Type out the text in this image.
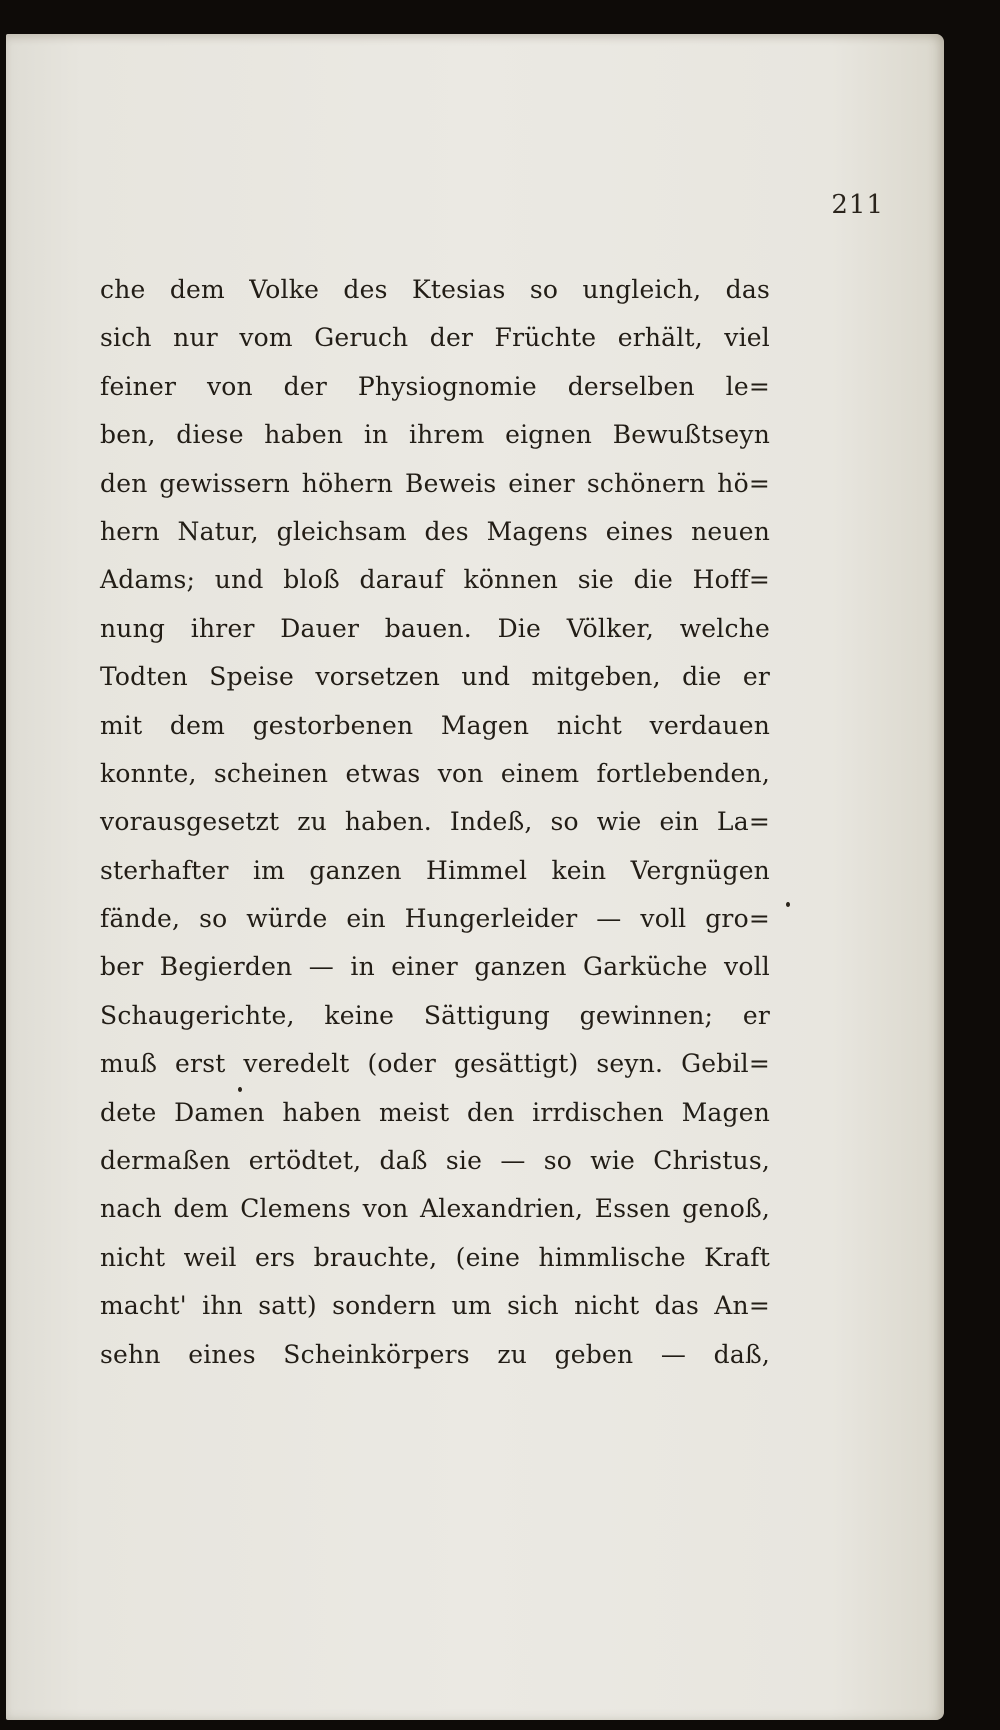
211
che dem Volke des Ktesias so ungleich, das
sich nur vom Geruch der Früchte erhält, viel
feiner von der Physiognomie derselben le=
ben, diese haben in ihrem eignen Bewußtseyn
den gewissern höhern Beweis einer schönern hö=
hern Natur, gleichsam des Magens eines neuen
Adams; und bloß darauf können sie die Hoff=
nung ihrer Dauer bauen. Die Völker, welche
Todten Speise vorsetzen und mitgeben, die er
mit dem gestorbenen Magen nicht verdauen
konnte, scheinen etwas von einem fortlebenden,
vorausgesetzt zu haben. Indeß, so wie ein La=
sterhafter im ganzen Himmel kein Vergnügen
fände, so würde ein Hungerleider — voll gro=
ber Begierden — in einer ganzen Garküche voll
Schaugerichte, keine Sättigung gewinnen; er
muß erst veredelt (oder gesättigt) seyn. Gebil=
dete Damen haben meist den irrdischen Magen
dermaßen ertödtet, daß sie — so wie Christus,
nach dem Clemens von Alexandrien, Essen genoß,
nicht weil ers brauchte, (eine himmlische Kraft
macht' ihn satt) sondern um sich nicht das An=
sehn eines Scheinkörpers zu geben — daß,
